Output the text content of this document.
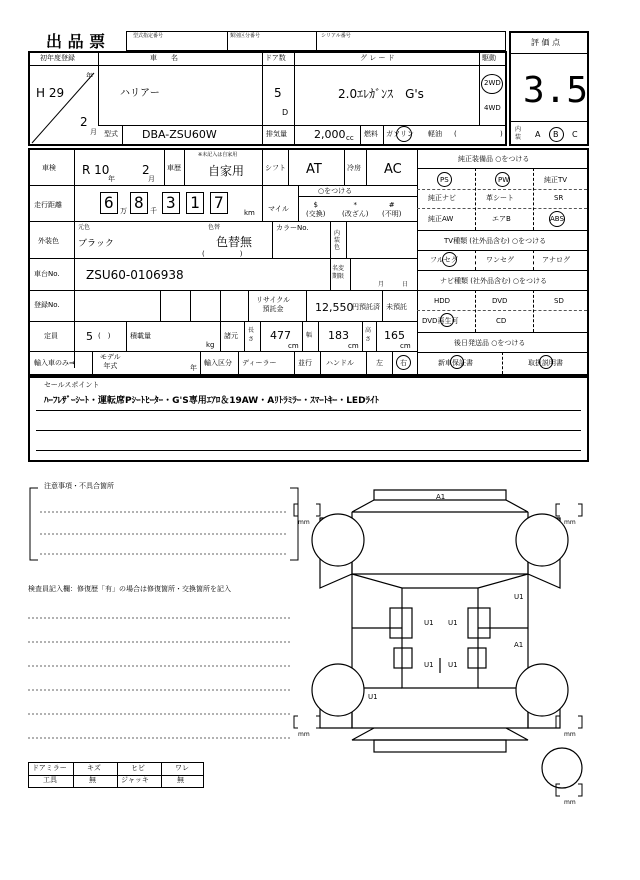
出 品 票	型式指定番号	類別区分番号	シリアル番号
評 価 点
3.5
内
装 A B C
初年度登録	車　　名	ドア数	グ レ ー ド	駆動
H 29
年
2
月
ハリアー	5
D
2.0ｴﾚｶﾞﾝｽ　G's
2WD
4WD
型式 DBA-ZSU60W	排気量 2,000 cc 燃料 ガソリン 軽油 (	)
車検 R 10
年
2
月
車歴
※未記入は自家用
自家用	シフト AT	冷房 AC
走行距離	6 万 8 千 3 1 7
km マイル
○をつける
$
(交換)
*
(改ざん)
#
(不明)
外装色
元色
ブラック
色替
色替無
(　　　　　)
カラーNo.
内装色
車台No. ZSU60-0106938	名変期限
月	日
登録No.
リサイクル
預託金	12,550
円預託済 未預託
定員	5 (　)	積載量
kg
諸元
長さ 477
cm
幅 183
cm
高さ 165
cm
輸入車のみ⇒
モデル
年式	年
輸入区分 ディーラー	並行 ハンドル	左 右
純正装備品 ○をつける
PS	PW	純正TV
純正ナビ	革シート	SR
純正AW	エアB	ABS
TV種類 (社外品含む) ○をつける
フルセグ	ワンセグ	アナログ
ナビ種類 (社外品含む) ○をつける
HDD	DVD	SD
DVD再生可	CD
後日発送品 ○をつける
新車保証書	取扱説明書
セールスポイント
ﾊｰﾌﾚｻﾞｰｼｰﾄ・運転席Pｼｰﾄﾋｰﾀｰ・G'S専用ｴｱﾛ＆19AW・Aﾘﾄﾗﾐﾗｰ・ｽﾏｰﾄｷｰ・LEDﾗｲﾄ
注意事項・不具合箇所
検査員記入欄：修復歴「有」の場合は修復箇所・交換箇所を記入
ドアミラー	キズ	ヒビ	ワレ
工具	無	ジャッキ	無
A1
U1
U1 U1
A1
U1 U1
U1
mm	mm
mm	mm
mm
